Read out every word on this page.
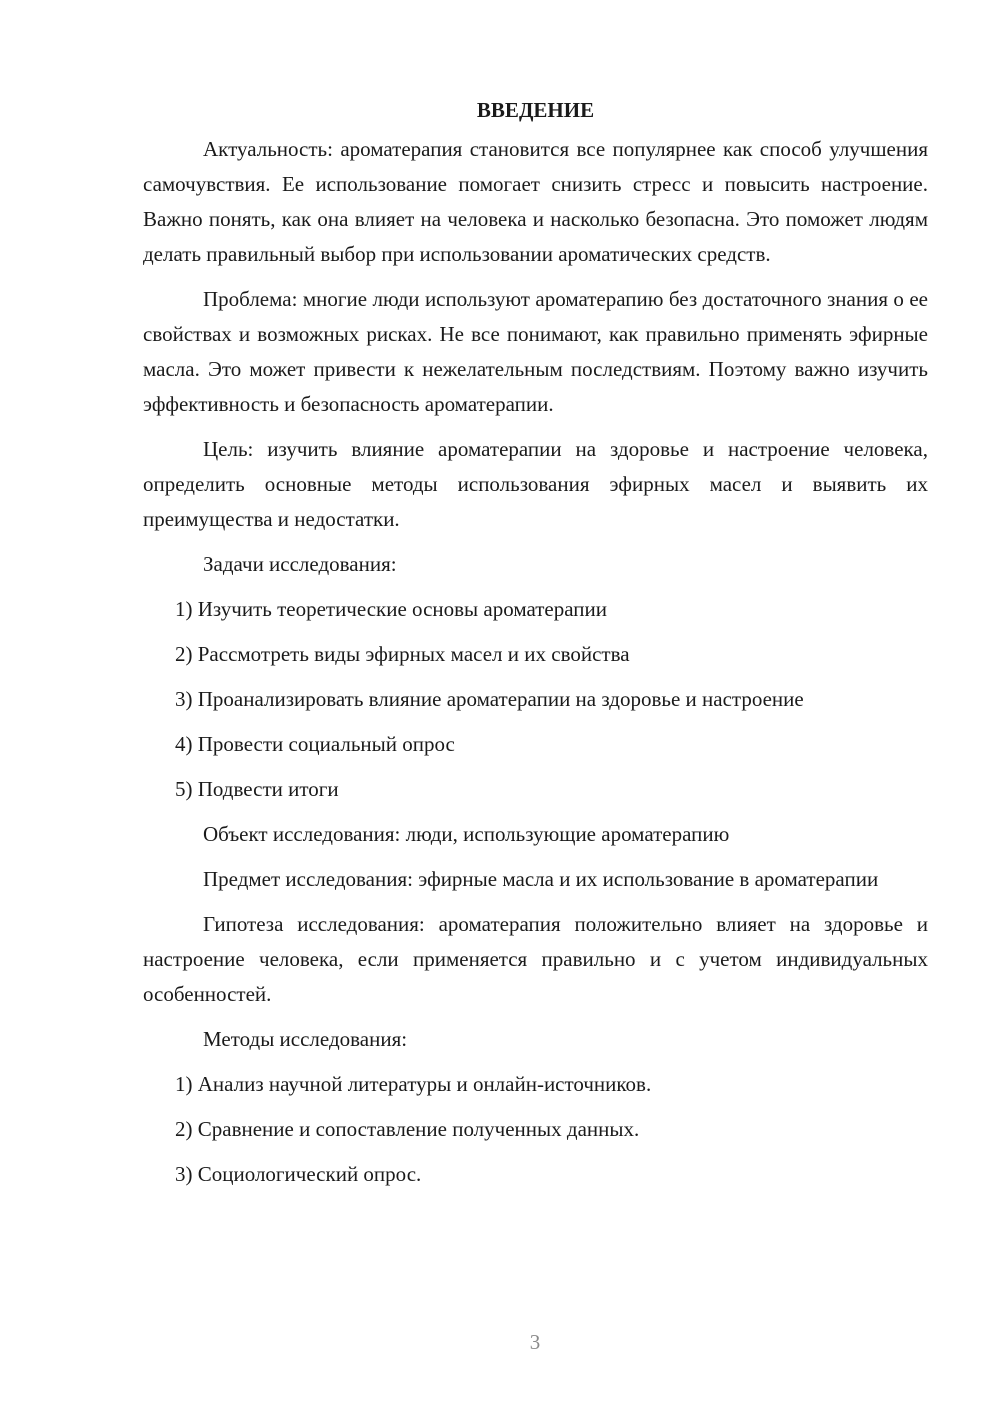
ВВЕДЕНИЕ

Актуальность: ароматерапия становится все популярнее как способ улучшения самочувствия. Ее использование помогает снизить стресс и повысить настроение. Важно понять, как она влияет на человека и насколько безопасна. Это поможет людям делать правильный выбор при использовании ароматических средств.

Проблема: многие люди используют ароматерапию без достаточного знания о ее свойствах и возможных рисках. Не все понимают, как правильно применять эфирные масла. Это может привести к нежелательным последствиям. Поэтому важно изучить эффективность и безопасность ароматерапии.

Цель: изучить влияние ароматерапии на здоровье и настроение человека, определить основные методы использования эфирных масел и выявить их преимущества и недостатки.

Задачи исследования:
1) Изучить теоретические основы ароматерапии
2) Рассмотреть виды эфирных масел и их свойства
3) Проанализировать влияние ароматерапии на здоровье и настроение
4) Провести социальный опрос
5) Подвести итоги
Объект исследования: люди, использующие ароматерапию

Предмет исследования: эфирные масла и их использование в ароматерапии

Гипотеза исследования: ароматерапия положительно влияет на здоровье и настроение человека, если применяется правильно и с учетом индивидуальных особенностей.

Методы исследования:
1) Анализ научной литературы и онлайн-источников.
2) Сравнение и сопоставление полученных данных.
3) Социологический опрос.
3
